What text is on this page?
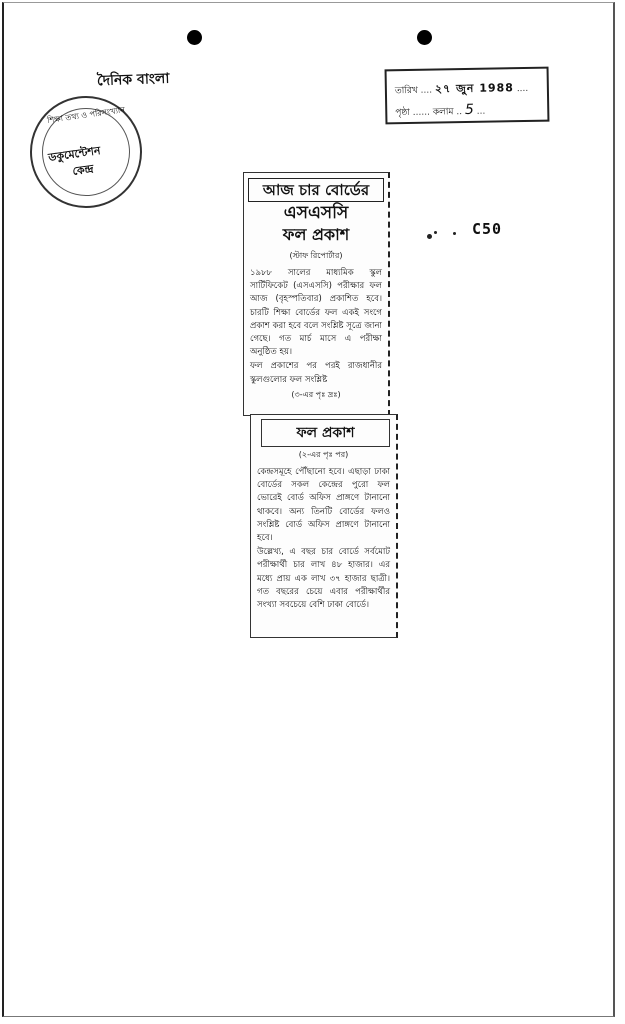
দৈনিক বাংলা
শিক্ষা তথ্য ও পরিসংখ্যান
ডকুমেন্টেশন
কেন্দ্র
তারিখ .... ২৭ জুন 1988 ....
পৃষ্ঠা ...... কলাম .. 5 ...
C50
আজ চার বোর্ডের
এসএসসি
ফল প্রকাশ
(স্টাফ রিপোর্টার)

১৯৮৮ সালের মাধ্যমিক স্কুল সার্টিফিকেট (এসএসসি) পরীক্ষার ফল আজ (বৃহস্পতিবার) প্রকাশিত হবে। চারটি শিক্ষা বোর্ডের ফল একই সংগে প্রকাশ করা হবে বলে সংশ্লিষ্ট সূত্রে জানা গেছে। গত মার্চ মাসে এ পরীক্ষা অনুষ্ঠিত হয়।

ফল প্রকাশের পর পরই রাজধানীর স্কুলগুলোর ফল সংশ্লিষ্ট

(৩-এর পৃঃ দ্রঃ)
ফল প্রকাশ
(২-এর পৃঃ পর)

কেন্দ্রসমূহে পৌঁছানো হবে। এছাড়া ঢাকা বোর্ডের সকল কেন্দ্রের পুরো ফল ভোরেই বোর্ড অফিস প্রাঙ্গণে টানানো থাকবে। অন্য তিনটি বোর্ডের ফলও সংশ্লিষ্ট বোর্ড অফিস প্রাঙ্গণে টানানো হবে।

উল্লেখ্য, এ বছর চার বোর্ডে সর্বমোট পরীক্ষার্থী চার লাখ ৪৮ হাজার। এর মধ্যে প্রায় এক লাখ ৩৭ হাজার ছাত্রী। গত বছরের চেয়ে এবার পরীক্ষার্থীর সংখ্যা সবচেয়ে বেশি ঢাকা বোর্ডে।
